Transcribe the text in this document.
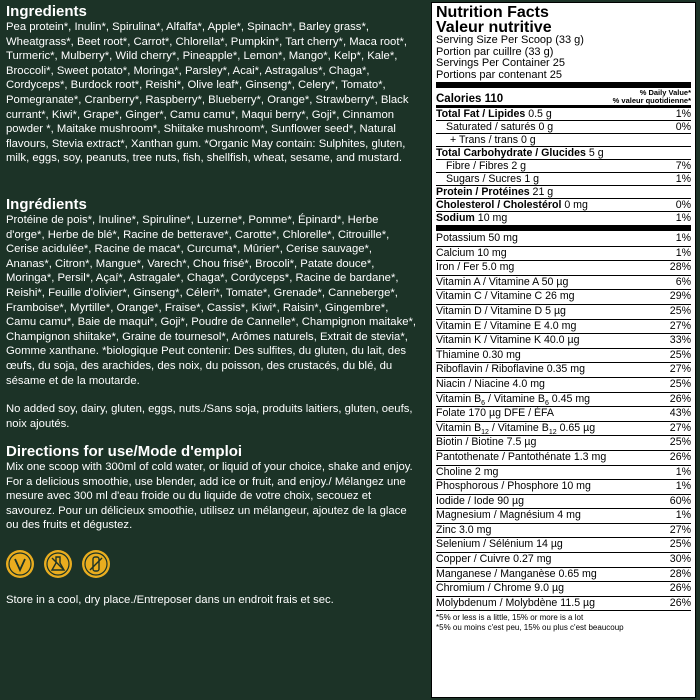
Ingredients

Pea protein*, Inulin*, Spirulina*, Alfalfa*, Apple*, Spinach*, Barley grass*, Wheatgrass*, Beet root*, Carrot*, Chlorella*, Pumpkin*, Tart cherry*, Maca root*, Turmeric*, Mulberry*, Wild cherry*, Pineapple*, Lemon*, Mango*, Kelp*, Kale*, Broccoli*, Sweet potato*, Moringa*, Parsley*, Acai*, Astragalus*, Chaga*, Cordyceps*, Burdock root*, Reishi*, Olive leaf*, Ginseng*, Celery*, Tomato*, Pomegranate*, Cranberry*, Raspberry*, Blueberry*, Orange*, Strawberry*, Black currant*, Kiwi*, Grape*, Ginger*, Camu camu*, Maqui berry*, Goji*, Cinnamon powder *, Maitake mushroom*, Shiitake mushroom*, Sunflower seed*, Natural flavours, Stevia extract*, Xanthan gum. *Organic May contain: Sulphites, gluten, milk, eggs, soy, peanuts, tree nuts, fish, shellfish, wheat, sesame, and mustard.

Ingrédients

Protéine de pois*, Inuline*, Spiruline*, Luzerne*, Pomme*, Épinard*, Herbe d'orge*, Herbe de blé*, Racine de betterave*, Carotte*, Chlorelle*, Citrouille*, Cerise acidulée*, Racine de maca*, Curcuma*, Mûrier*, Cerise sauvage*, Ananas*, Citron*, Mangue*, Varech*, Chou frisé*, Brocoli*, Patate douce*, Moringa*, Persil*, Açaí*, Astragale*, Chaga*, Cordyceps*, Racine de bardane*, Reishi*, Feuille d'olivier*, Ginseng*, Céleri*, Tomate*, Grenade*, Canneberge*, Framboise*, Myrtille*, Orange*, Fraise*, Cassis*, Kiwi*, Raisin*, Gingembre*, Camu camu*, Baie de maqui*, Goji*, Poudre de Cannelle*, Champignon maitake*, Champignon shiitake*, Graine de tournesol*, Arômes naturels, Extrait de stevia*, Gomme xanthane. *biologique Peut contenir: Des sulfites, du gluten, du lait, des œufs, du soja, des arachides, des noix, du poisson, des crustacés, du blé, du sésame et de la moutarde.

No added soy, dairy, gluten, eggs, nuts./Sans soja, produits laitiers, gluten, oeufs, noix ajoutés.

Directions for use/Mode d'emploi

Mix one scoop with 300ml of cold water, or liquid of your choice, shake and enjoy. For a delicious smoothie, use blender, add ice or fruit, and enjoy./ Mélangez une mesure avec 300 ml d'eau froide ou du liquide de votre choix, secouez et savourez. Pour un délicieux smoothie, utilisez un mélangeur, ajoutez de la glace ou des fruits et dégustez.

Store in a cool, dry place./Entreposer dans un endroit frais et sec.

Nutrition Facts
Valeur nutritive
Serving Size Per Scoop (33 g)
Portion par cuillre (33 g)
Servings Per Container 25
Portions par contenant 25
Calories 110
% Daily Value*
% valeur quotidienne*
Total Fat / Lipides 0.5 g	1%
Saturated / saturés 0 g	0%
+ Trans / trans 0 g
Total Carbohydrate / Glucides 5 g
Fibre / Fibres 2 g	7%
Sugars / Sucres 1 g	1%
Protein / Protéines 21 g
Cholesterol / Cholestérol 0 mg	0%
Sodium 10 mg	1%
Potassium 50 mg	1%
Calcium 10 mg	1%
Iron / Fer 5.0 mg	28%
Vitamin A / Vitamine A 50 µg	6%
Vitamin C / Vitamine C 26 mg	29%
Vitamin D / Vitamine D 5 µg	25%
Vitamin E / Vitamine E 4.0 mg	27%
Vitamin K / Vitamine K 40.0 µg	33%
Thiamine 0.30 mg	25%
Riboflavin / Riboflavine 0.35 mg	27%
Niacin / Niacine 4.0 mg	25%
Vitamin $B_6$ / Vitamine $B_6$ 0.45 mg	26%
Folate 170 µg DFE / ÉFA	43%
Vitamin $B_{12}$ / Vitamine $B_{12}$ 0.65 µg	27%
Biotin / Biotine 7.5 µg	25%
Pantothenate / Pantothénate 1.3 mg	26%
Choline 2 mg	1%
Phosphorous / Phosphore 10 mg	1%
Iodide / Iode 90 µg	60%
Magnesium / Magnésium 4 mg	1%
Zinc 3.0 mg	27%
Selenium / Sélénium 14 µg	25%
Copper / Cuivre 0.27 mg	30%
Manganese / Manganèse 0.65 mg	28%
Chromium / Chrome 9.0 µg	26%
Molybdenum / Molybdène 11.5 µg	26%
*5% or less is a little, 15% or more is a lot
*5% ou moins c'est peu, 15% ou plus c'est beaucoup
